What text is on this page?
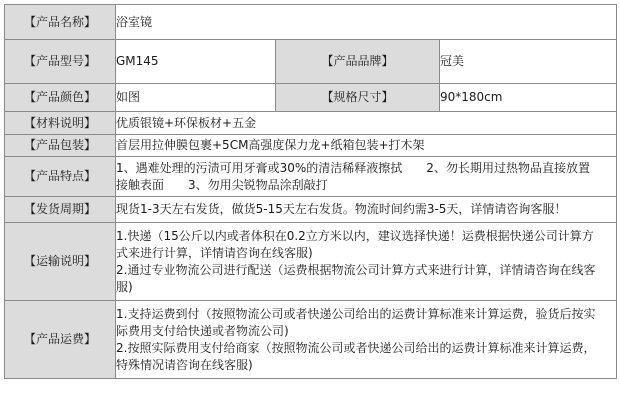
【产品名称】	浴室镜		
【产品型号】	GM145	【产品品牌】	冠美
【产品颜色】	如图	【规格尺寸】	90*180cm
【材料说明】	优质银镜+环保板材+五金		
【产品包装】	首层用拉伸膜包裹+5CM高强度保力龙+纸箱包装+打木架		
【产品特点】	1、遇难处理的污渍可用牙膏或30%的清洁稀释液擦拭　　2、勿长期用过热物品直接放置
接触表面　　3、勿用尖锐物品涂刮敲打		

【发货周期】	现货1-3天左右发货，做货5-15天左右发货。物流时间约需3-5天，详情请咨询客服！		
【运输说明】	1.快递（15公斤以内或者体积在0.2立方米以内，建议选择快递！运费根据快递公司计算方
式来进行计算，详情请咨询在线客服)
2.通过专业物流公司进行配送（运费根据物流公司计算方式来进行计算，详情请咨询在线客
服)		

【产品运费】	1.支持运费到付（按照物流公司或者快递公司给出的运费计算标准来计算运费，验货后按实
际费用支付给快递或者物流公司)
2.按照实际费用支付给商家（按照物流公司或者快递公司给出的运费计算标准来计算运费，
特殊情况请咨询在线客服)		
